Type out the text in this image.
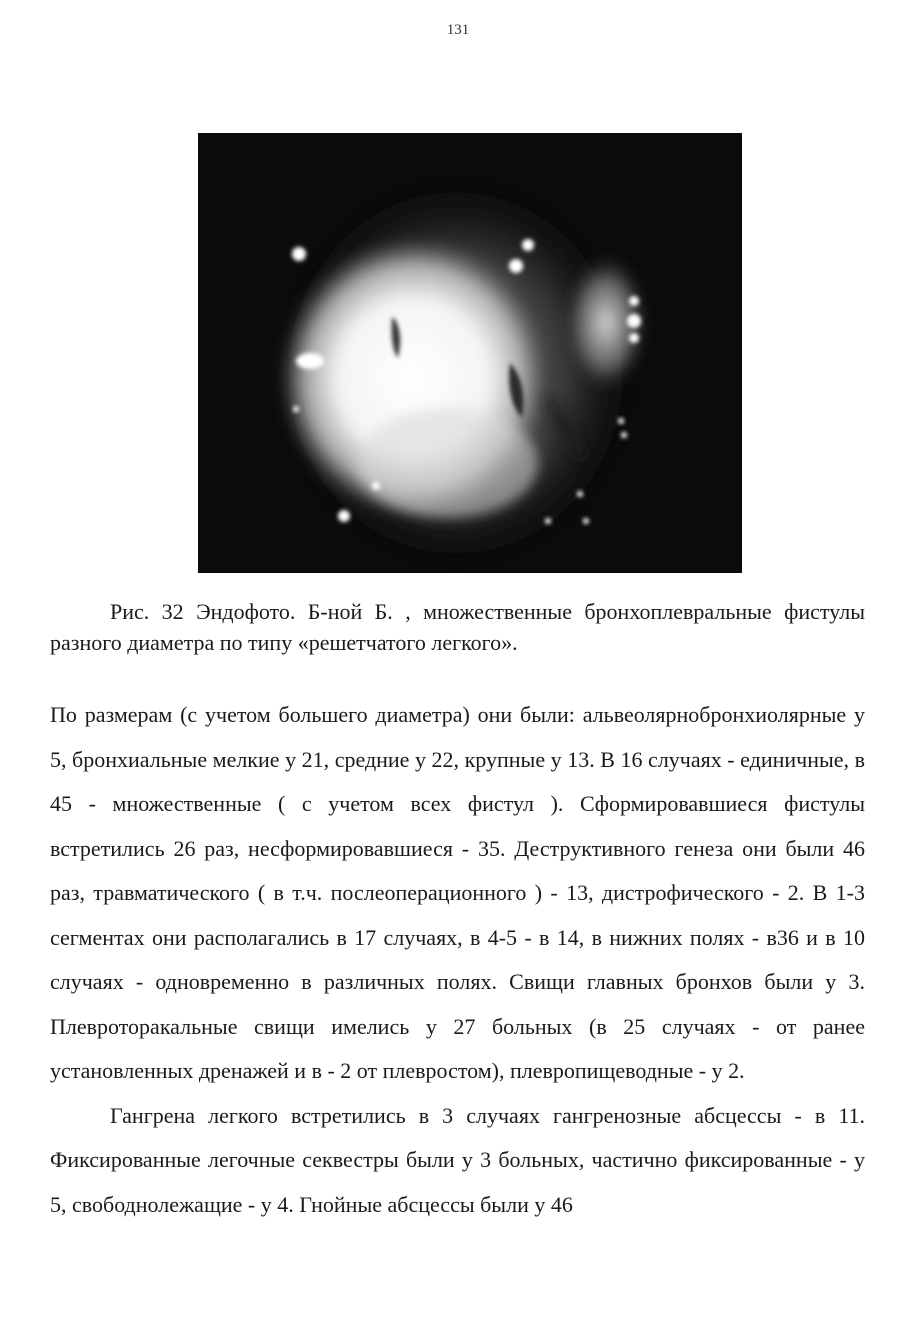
131

Рис. 32 Эндофото. Б-ной Б. , множественные бронхоплевральные фистулы разного диаметра по типу «решетчатого легкого».

По размерам (с учетом большего диаметра) они были: альвеолярнобронхиолярные у 5, бронхиальные мелкие у 21, средние у 22, крупные у 13. В 16 случаях - единичные, в 45 - множественные ( с учетом всех фистул ). Сформировавшиеся фистулы встретились 26 раз, несформировавшиеся - 35. Деструктивного генеза они были 46 раз, травматического ( в т.ч. послеоперационного ) - 13, дистрофического - 2. В 1-3 сегментах они располагались в 17 случаях, в 4-5 - в 14, в нижних полях - в36 и в 10 случаях - одновременно в различных полях. Свищи главных бронхов были у 3. Плевроторакальные свищи имелись у 27 больных (в 25 случаях - от ранее установленных дренажей и в - 2 от плевростом), плевропищеводные - у 2.

Гангрена легкого встретились в 3 случаях гангренозные абсцессы - в 11. Фиксированные легочные секвестры были у 3 больных, частично фиксированные - у 5, свободнолежащие - у 4. Гнойные абсцессы были у 46
